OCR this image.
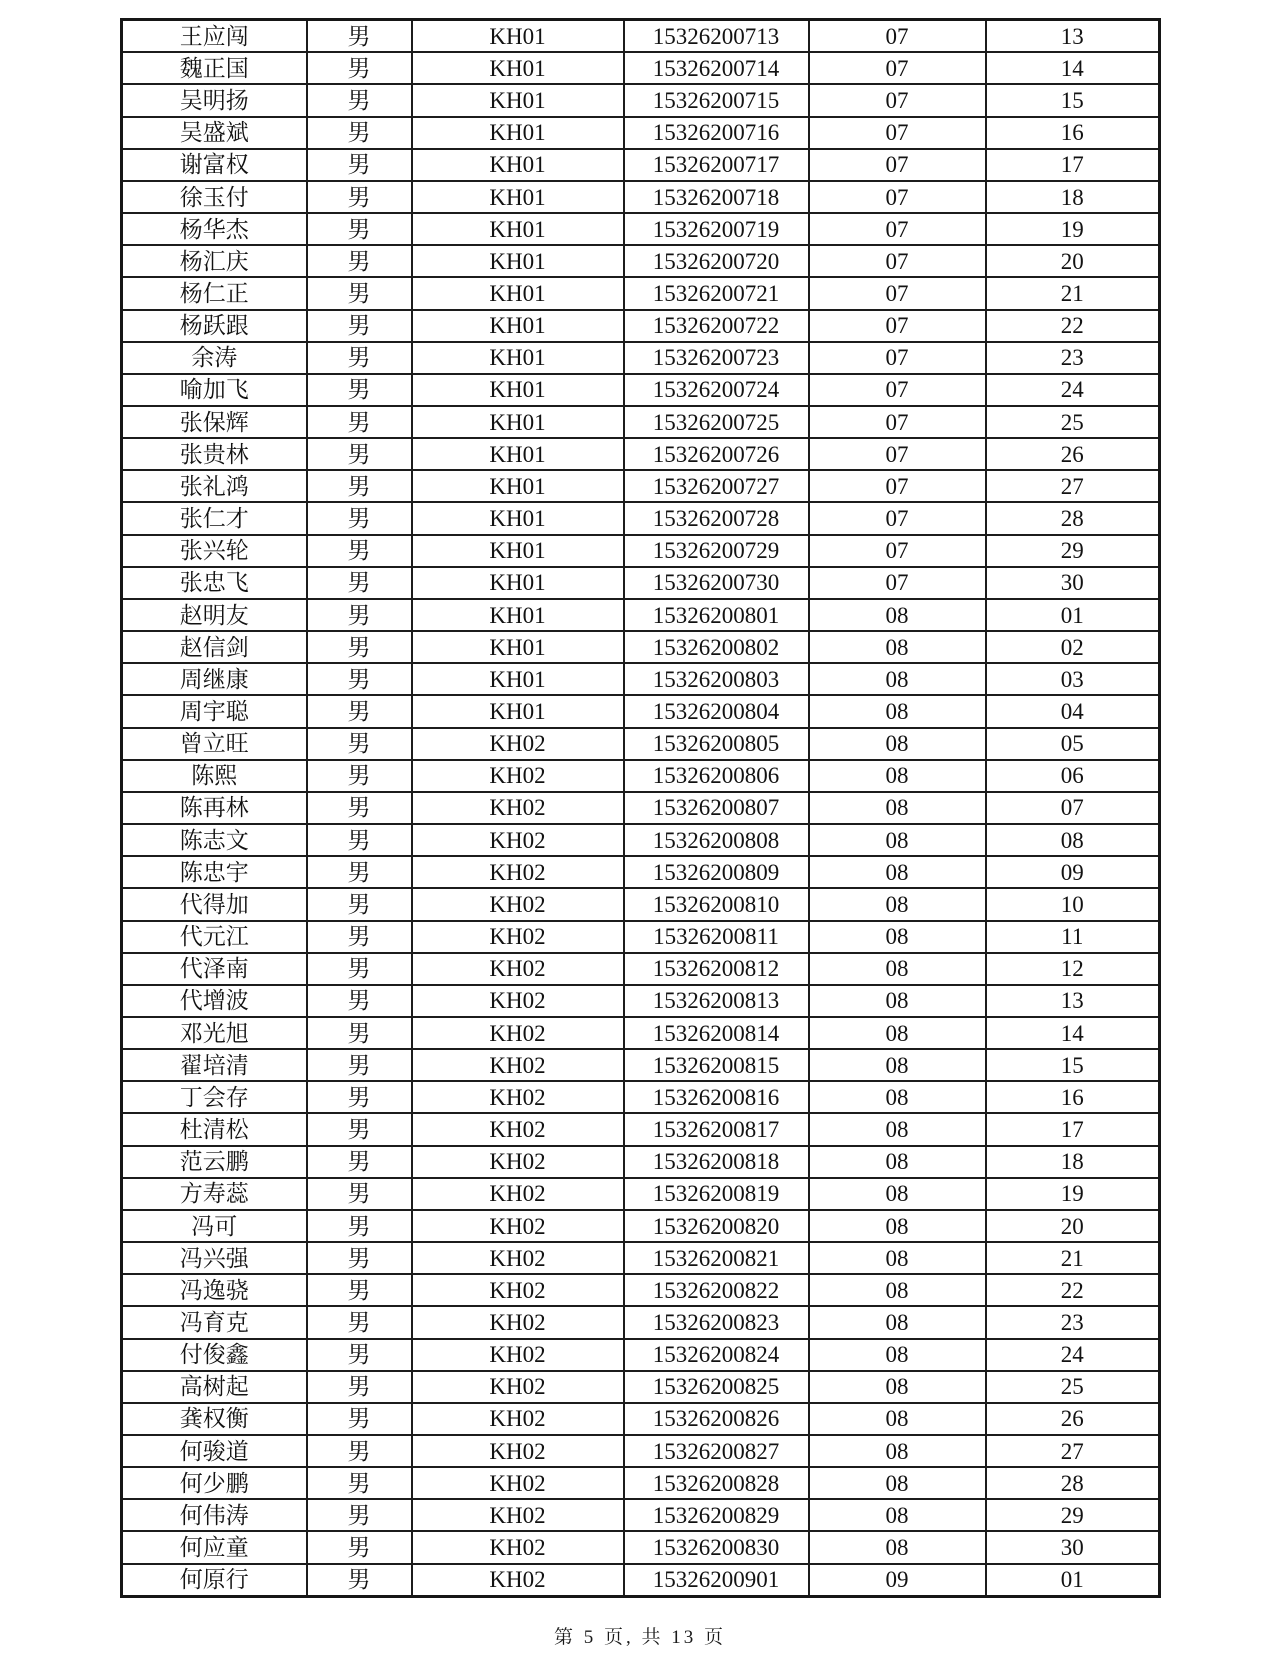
王应闯	男	KH01	15326200713	07	13
魏正国	男	KH01	15326200714	07	14
吴明扬	男	KH01	15326200715	07	15
吴盛斌	男	KH01	15326200716	07	16
谢富权	男	KH01	15326200717	07	17
徐玉付	男	KH01	15326200718	07	18
杨华杰	男	KH01	15326200719	07	19
杨汇庆	男	KH01	15326200720	07	20
杨仁正	男	KH01	15326200721	07	21
杨跃跟	男	KH01	15326200722	07	22
余涛	男	KH01	15326200723	07	23
喻加飞	男	KH01	15326200724	07	24
张保辉	男	KH01	15326200725	07	25
张贵林	男	KH01	15326200726	07	26
张礼鸿	男	KH01	15326200727	07	27
张仁才	男	KH01	15326200728	07	28
张兴轮	男	KH01	15326200729	07	29
张忠飞	男	KH01	15326200730	07	30
赵明友	男	KH01	15326200801	08	01
赵信剑	男	KH01	15326200802	08	02
周继康	男	KH01	15326200803	08	03
周宇聪	男	KH01	15326200804	08	04
曾立旺	男	KH02	15326200805	08	05
陈熙	男	KH02	15326200806	08	06
陈再林	男	KH02	15326200807	08	07
陈志文	男	KH02	15326200808	08	08
陈忠宇	男	KH02	15326200809	08	09
代得加	男	KH02	15326200810	08	10
代元江	男	KH02	15326200811	08	11
代泽南	男	KH02	15326200812	08	12
代增波	男	KH02	15326200813	08	13
邓光旭	男	KH02	15326200814	08	14
翟培清	男	KH02	15326200815	08	15
丁会存	男	KH02	15326200816	08	16
杜清松	男	KH02	15326200817	08	17
范云鹏	男	KH02	15326200818	08	18
方寿蕊	男	KH02	15326200819	08	19
冯可	男	KH02	15326200820	08	20
冯兴强	男	KH02	15326200821	08	21
冯逸骁	男	KH02	15326200822	08	22
冯育克	男	KH02	15326200823	08	23
付俊鑫	男	KH02	15326200824	08	24
高树起	男	KH02	15326200825	08	25
龚权衡	男	KH02	15326200826	08	26
何骏道	男	KH02	15326200827	08	27
何少鹏	男	KH02	15326200828	08	28
何伟涛	男	KH02	15326200829	08	29
何应童	男	KH02	15326200830	08	30
何原行	男	KH02	15326200901	09	01
第 5 页, 共 13 页
